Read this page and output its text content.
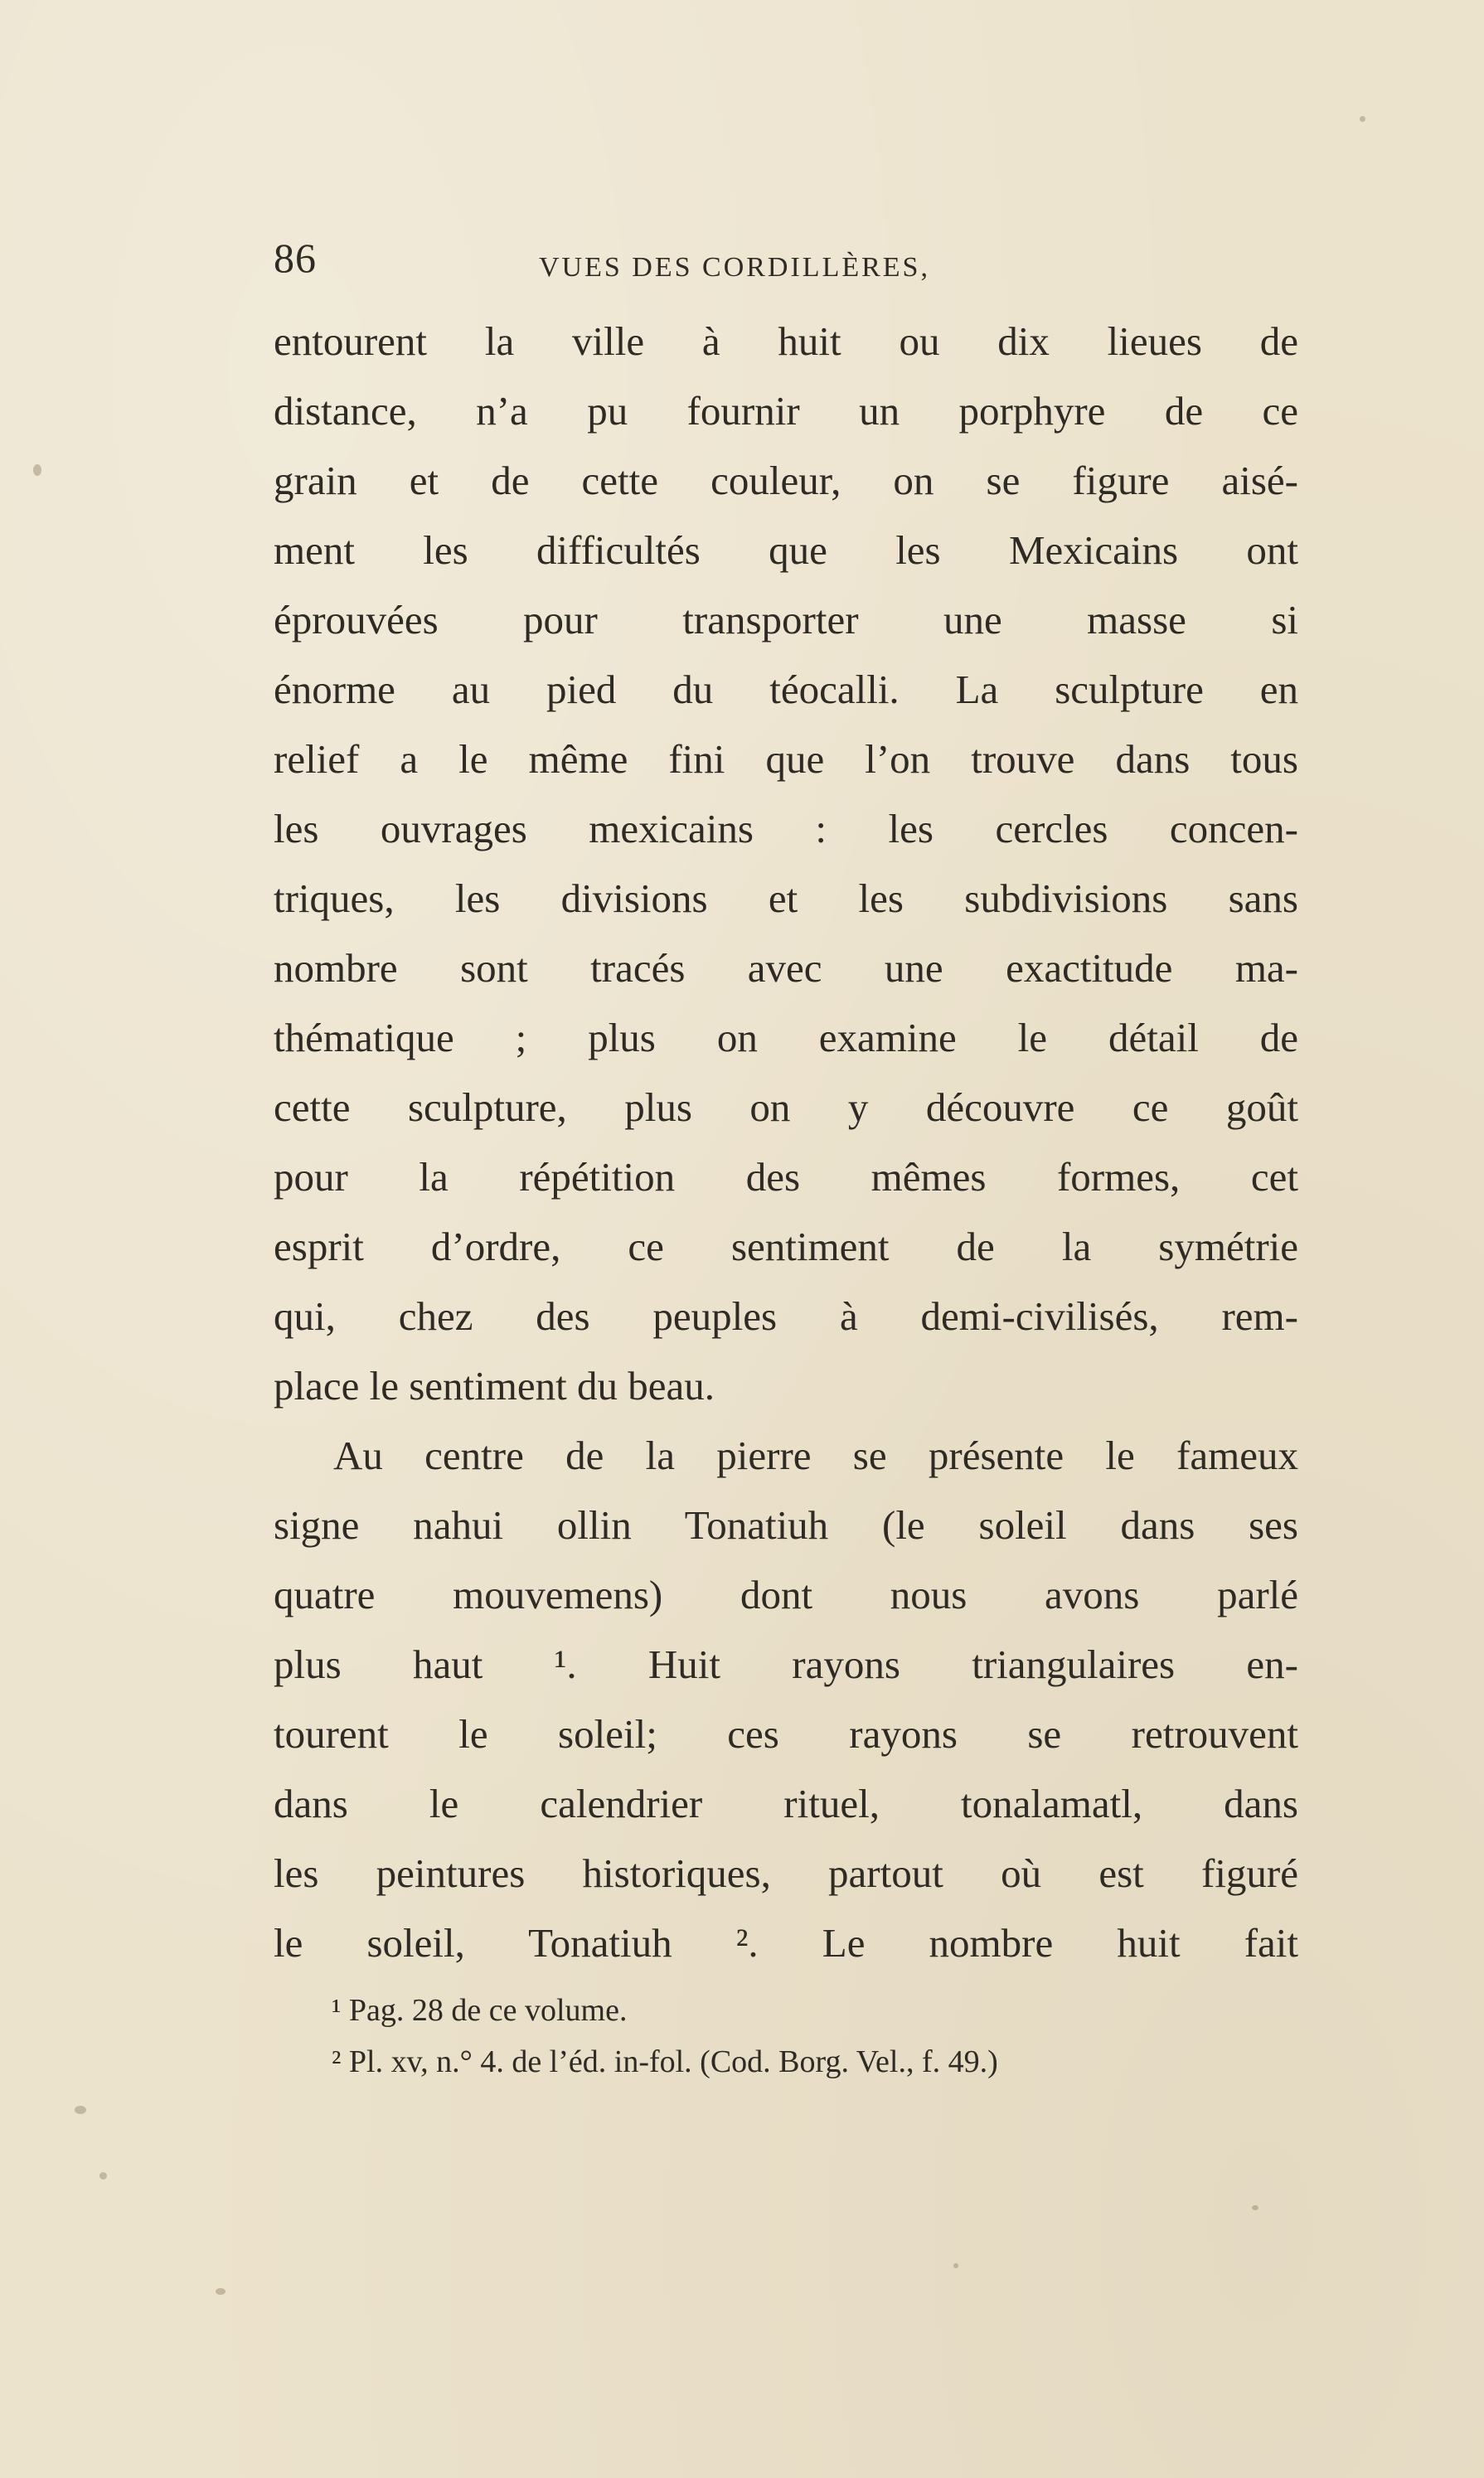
86	VUES DES CORDILLÈRES,
entourent la ville à huit ou dix lieues de
distance, n’a pu fournir un porphyre de ce
grain et de cette couleur, on se figure aisé-
ment les difficultés que les Mexicains ont
éprouvées pour transporter une masse si
énorme au pied du téocalli. La sculpture en
relief a le même fini que l’on trouve dans tous
les ouvrages mexicains : les cercles concen-
triques, les divisions et les subdivisions sans
nombre sont tracés avec une exactitude ma-
thématique ; plus on examine le détail de
cette sculpture, plus on y découvre ce goût
pour la répétition des mêmes formes, cet
esprit d’ordre, ce sentiment de la symétrie
qui, chez des peuples à demi-civilisés, rem-
place le sentiment du beau.
Au centre de la pierre se présente le fameux
signe nahui ollin Tonatiuh (le soleil dans ses
quatre mouvemens) dont nous avons parlé
plus haut ¹. Huit rayons triangulaires en-
tourent le soleil; ces rayons se retrouvent
dans le calendrier rituel, tonalamatl, dans
les peintures historiques, partout où est figuré
le soleil, Tonatiuh ². Le nombre huit fait
¹ Pag. 28 de ce volume.
² Pl. xv, n.° 4. de l’éd. in-fol. (Cod. Borg. Vel., f. 49.)
